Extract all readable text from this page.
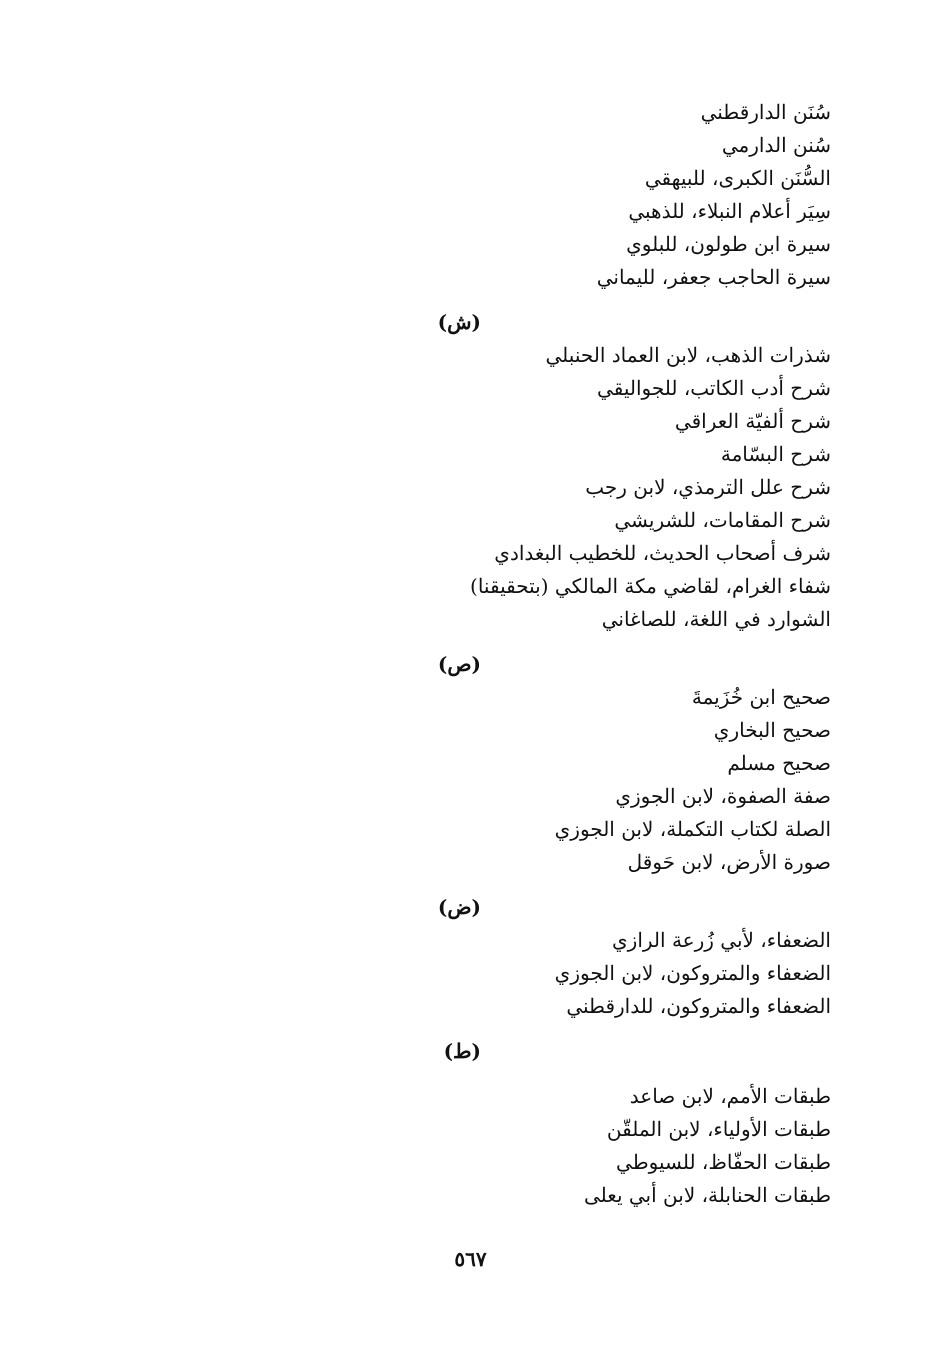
سُنَن الدارقطني

سُنن الدارمي

السُّنَن الكبرى، للبيهقي

سِيَر أعلام النبلاء، للذهبي

سيرة ابن طولون، للبلوي

سيرة الحاجب جعفر، لليماني

(ش)

شذرات الذهب، لابن العماد الحنبلي

شرح أدب الكاتب، للجواليقي

شرح ألفيّة العراقي

شرح البسّامة

شرح علل الترمذي، لابن رجب

شرح المقامات، للشريشي

شرف أصحاب الحديث، للخطيب البغدادي

شفاء الغرام، لقاضي مكة المالكي (بتحقيقنا)

الشوارد في اللغة، للصاغاني

(ص)

صحيح ابن خُزَيمةَ

صحيح البخاري

صحيح مسلم

صفة الصفوة، لابن الجوزي

الصلة لكتاب التكملة، لابن الجوزي

صورة الأرض، لابن حَوقل

(ض)

الضعفاء، لأبي زُرعة الرازي

الضعفاء والمتروكون، لابن الجوزي

الضعفاء والمتروكون، للدارقطني

(ط)

طبقات الأمم، لابن صاعد

طبقات الأولياء، لابن الملقّن

طبقات الحفّاظ، للسيوطي

طبقات الحنابلة، لابن أبي يعلى

٥٦٧
